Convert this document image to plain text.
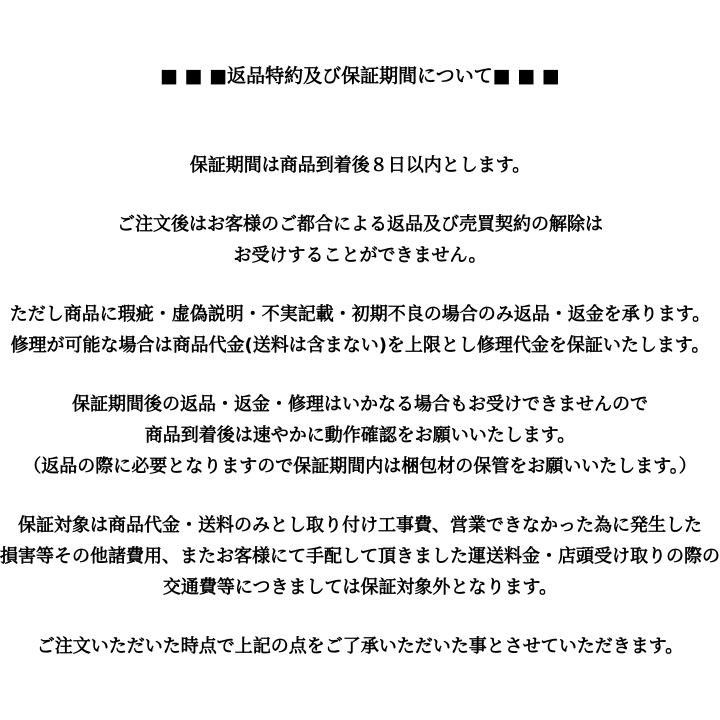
■ ■ ■返品特約及び保証期間について■ ■ ■
保証期間は商品到着後８日以内とします。
ご注文後はお客様のご都合による返品及び売買契約の解除は
お受けすることができません。
ただし商品に瑕疵・虚偽説明・不実記載・初期不良の場合のみ返品・返金を承ります。
修理が可能な場合は商品代金(送料は含まない)を上限とし修理代金を保証いたします。
保証期間後の返品・返金・修理はいかなる場合もお受けできませんので
商品到着後は速やかに動作確認をお願いいたします。
（返品の際に必要となりますので保証期間内は梱包材の保管をお願いいたします。）
保証対象は商品代金・送料のみとし取り付け工事費、営業できなかった為に発生した
損害等その他諸費用、またお客様にて手配して頂きました運送料金・店頭受け取りの際の
交通費等につきましては保証対象外となります。
ご注文いただいた時点で上記の点をご了承いただいた事とさせていただきます。
